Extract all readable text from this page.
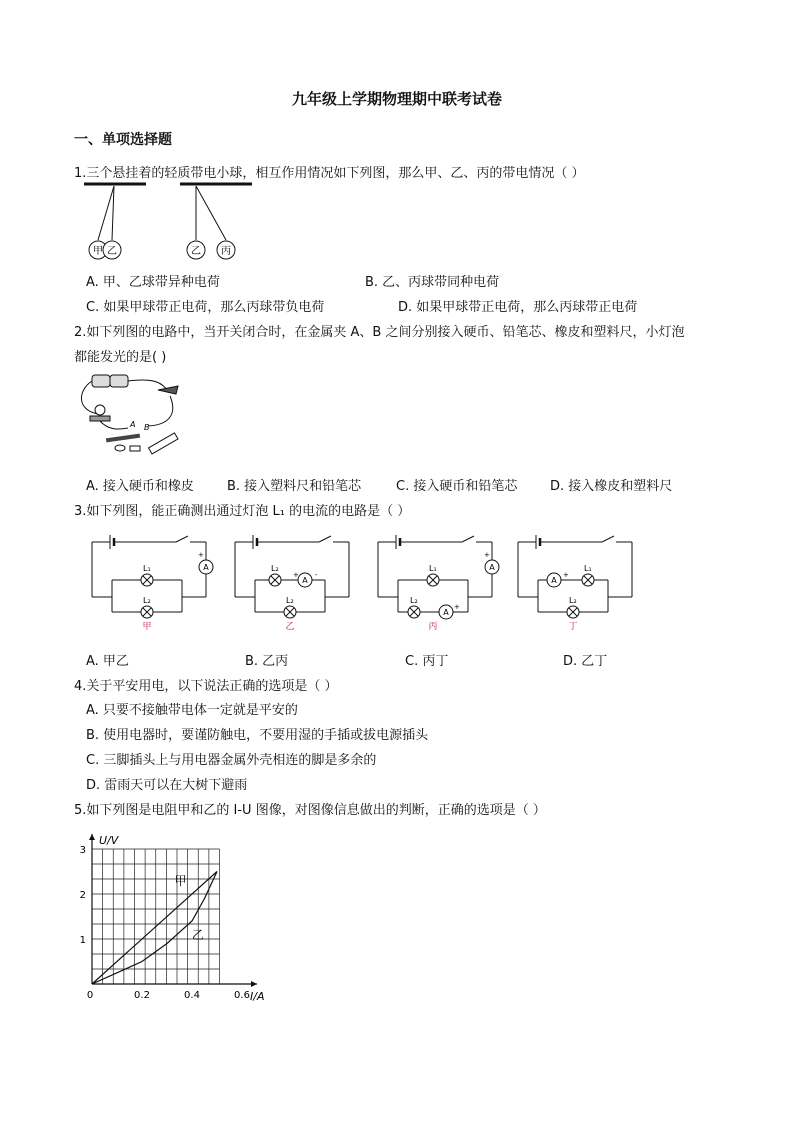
九年级上学期物理期中联考试卷
一、单项选择题
1.三个悬挂着的轻质带电小球，相互作用情况如下列图，那么甲、乙、丙的带电情况（ ）
甲 乙	乙 丙
A. 甲、乙球带异种电荷	B. 乙、丙球带同种电荷
C. 如果甲球带正电荷，那么丙球带负电荷	D. 如果甲球带正电荷，那么丙球带正电荷
2.如下列图的电路中，当开关闭合时，在金属夹 A、B 之间分别接入硬币、铅笔芯、橡皮和塑料尺，小灯泡
都能发光的是( )
A B
A. 接入硬币和橡皮	B. 接入塑料尺和铅笔芯	C. 接入硬币和铅笔芯	D. 接入橡皮和塑料尺
3.如下列图，能正确测出通过灯泡 L₁ 的电流的电路是（ ）
L₁
L₂
A
+
甲
L₂
A
L₂
+ -
乙
L₁
L₂
A
A
+
+
丙
A
L₁
L₂
+
丁
A. 甲乙	B. 乙丙	C. 丙丁	D. 乙丁
4.关于平安用电，以下说法正确的选项是（ ）
A. 只要不接触带电体一定就是平安的
B. 使用电器时，要谨防触电，不要用湿的手插或拔电源插头
C. 三脚插头上与用电器金属外壳相连的脚是多余的
D. 雷雨天可以在大树下避雨
5.如下列图是电阻甲和乙的 I-U 图像，对图像信息做出的判断，正确的选项是（ ）
U/V
I/A
0	0.2	0.4	0.6
1
2
3
甲
乙
